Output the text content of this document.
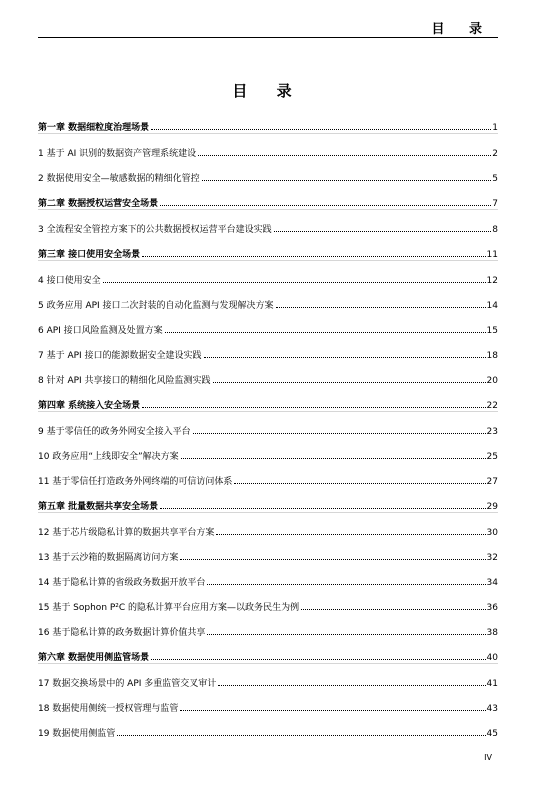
目 录
目 录
第一章 数据细粒度治理场景	1
1 基于 AI 识别的数据资产管理系统建设	2
2 数据使用安全—敏感数据的精细化管控	5
第二章 数据授权运营安全场景	7
3 全流程安全管控方案下的公共数据授权运营平台建设实践	8
第三章 接口使用安全场景	11
4 接口使用安全	12
5 政务应用 API 接口二次封装的自动化监测与发现解决方案	14
6 API 接口风险监测及处置方案	15
7 基于 API 接口的能源数据安全建设实践	18
8 针对 API 共享接口的精细化风险监测实践	20
第四章 系统接入安全场景	22
9 基于零信任的政务外网安全接入平台	23
10 政务应用“上线即安全”解决方案	25
11 基于零信任打造政务外网终端的可信访问体系	27
第五章 批量数据共享安全场景	29
12 基于芯片级隐私计算的数据共享平台方案	30
13 基于云沙箱的数据隔离访问方案	32
14 基于隐私计算的省级政务数据开放平台	34
15 基于 Sophon P²C 的隐私计算平台应用方案—以政务民生为例	36
16 基于隐私计算的政务数据计算价值共享	38
第六章 数据使用侧监管场景	40
17 数据交换场景中的 API 多重监管交叉审计	41
18 数据使用侧统一授权管理与监管	43
19 数据使用侧监管	45
IV
